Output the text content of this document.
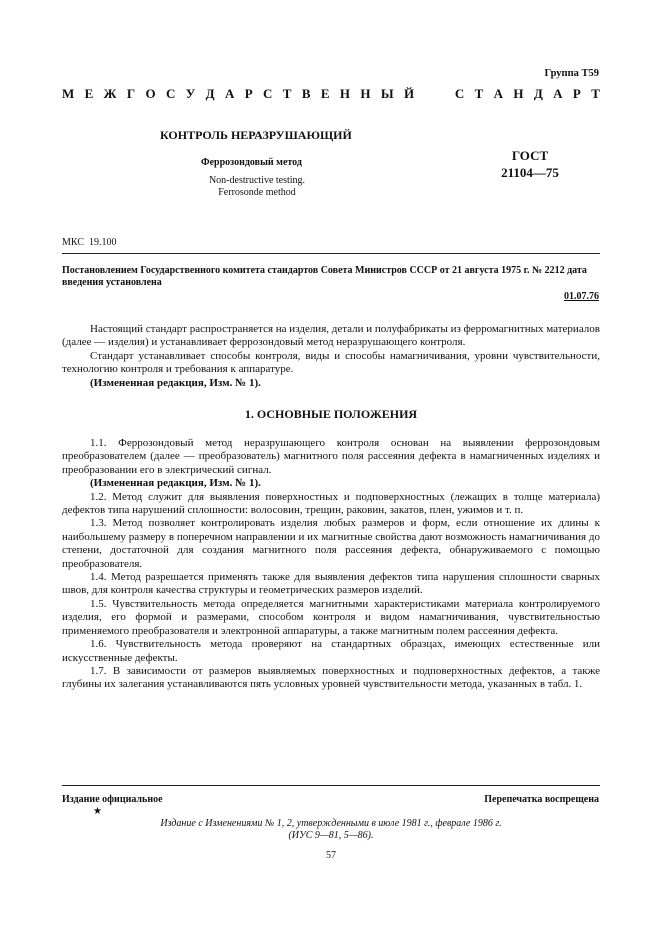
Группа Т59
М Е Ж Г О С У Д А Р С Т В Е Н Н Ы Й	С Т А Н Д А Р Т
КОНТРОЛЬ НЕРАЗРУШАЮЩИЙ
Феррозондовый метод
Non-destructive testing.
Ferrosonde method
ГОСТ
21104—75
МКС  19.100
Постановлением Государственного комитета стандартов Совета Министров СССР от 21 августа 1975 г. № 2212 дата введения установлена
01.07.76

Настоящий стандарт распространяется на изделия, детали и полуфабрикаты из ферромагнитных материалов (далее — изделия) и устанавливает феррозондовый метод неразрушающего контроля.

Стандарт устанавливает способы контроля, виды и способы намагничивания, уровни чувствительности, технологию контроля и требования к аппаратуре.

(Измененная редакция, Изм. № 1).

1. ОСНОВНЫЕ ПОЛОЖЕНИЯ

1.1. Феррозондовый метод неразрушающего контроля основан на выявлении феррозондовым преобразователем (далее — преобразователь) магнитного поля рассеяния дефекта в намагниченных изделиях и преобразовании его в электрический сигнал.

(Измененная редакция, Изм. № 1).

1.2. Метод служит для выявления поверхностных и подповерхностных (лежащих в толще материала) дефектов типа нарушений сплошности: волосовин, трещин, раковин, закатов, плен, ужимов и т. п.

1.3. Метод позволяет контролировать изделия любых размеров и форм, если отношение их длины к наибольшему размеру в поперечном направлении и их магнитные свойства дают возможность намагничивания до степени, достаточной для создания магнитного поля рассеяния дефекта, обнаруживаемого с помощью преобразователя.

1.4. Метод разрешается применять также для выявления дефектов типа нарушения сплошности сварных швов, для контроля качества структуры и геометрических размеров изделий.

1.5. Чувствительность метода определяется магнитными характеристиками материала контролируемого изделия, его формой и размерами, способом контроля и видом намагничивания, чувствительностью применяемого преобразователя и электронной аппаратуры, а также магнитным полем рассеяния дефекта.

1.6. Чувствительность метода проверяют на стандартных образцах, имеющих естественные или искусственные дефекты.

1.7. В зависимости от размеров выявляемых поверхностных и подповерхностных дефектов, а также глубины их залегания устанавливаются пять условных уровней чувствительности метода, указанных в табл. 1.

Издание официальное	Перепечатка воспрещена
★
Издание с Изменениями № 1, 2, утвержденными в июле 1981 г., феврале 1986 г.
(ИУС 9—81, 5—86).
57
